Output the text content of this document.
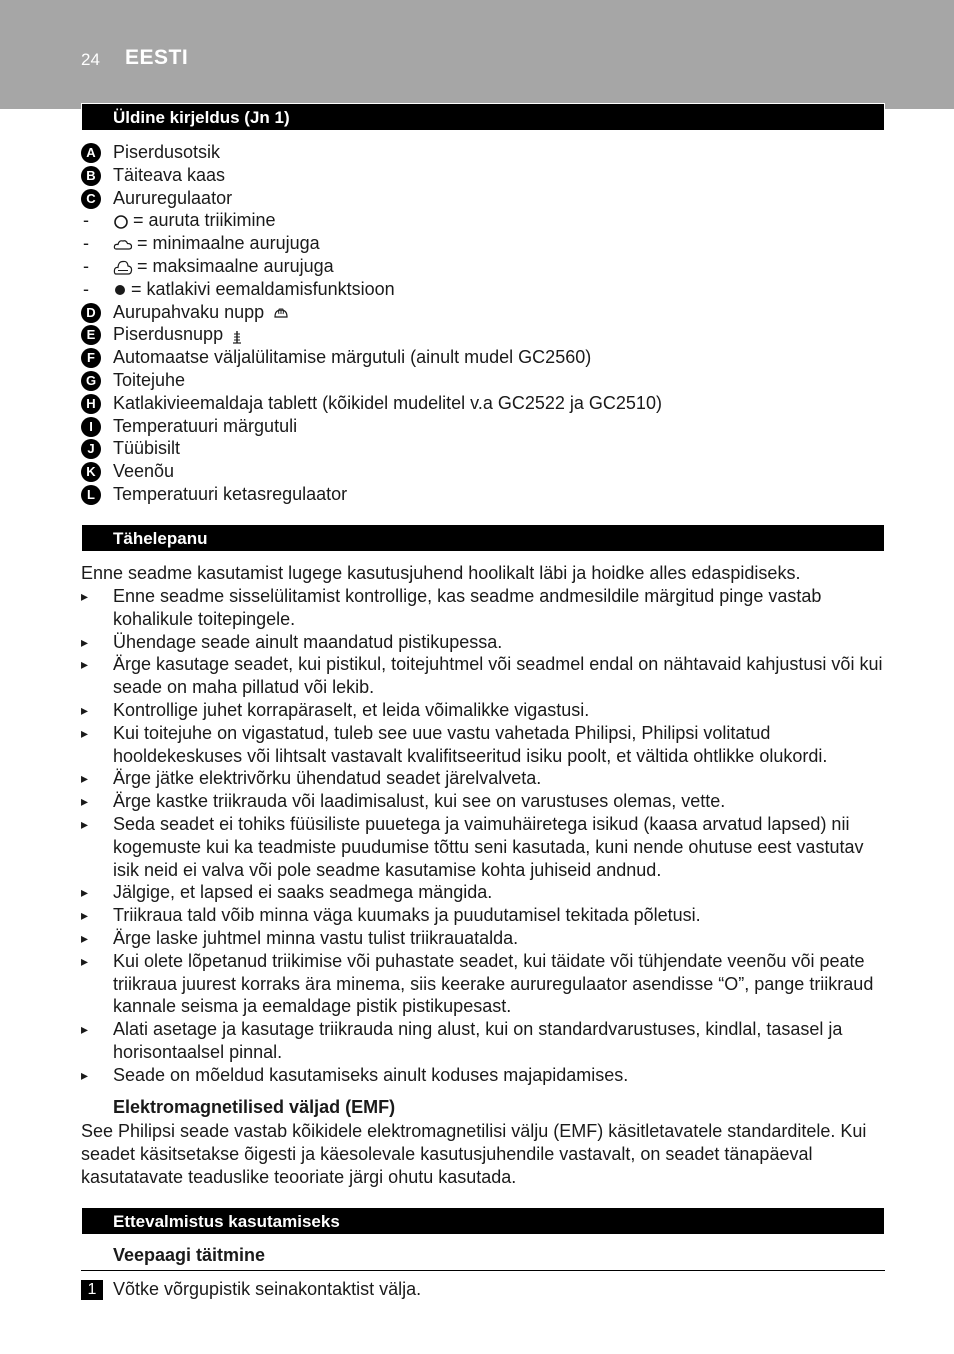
24 EESTI
Üldine kirjeldus (Jn 1)
A Piserdusotsik
B Täiteava kaas
C Aururegulaator
-	= auruta triikimine
-	= minimaalne aurujuga
-	= maksimaalne aurujuga
-	= katlakivi eemaldamisfunktsioon
D Aurupahvaku nupp
E Piserdusnupp
F	Automaatse väljalülitamise märgutuli (ainult mudel GC2560)
G Toitejuhe
H Katlakivieemaldaja tablett (kõikidel mudelitel v.a GC2522 ja GC2510)
I	Temperatuuri märgutuli
J	Tüübisilt
K Veenõu
L	Temperatuuri ketasregulaator
Tähelepanu
Enne seadme kasutamist lugege kasutusjuhend hoolikalt läbi ja hoidke alles edaspidiseks.
▸ Enne seadme sisselülitamist kontrollige, kas seadme andmesildile märgitud pinge vastab kohalikule toitepingele.
▸ Ühendage seade ainult maandatud pistikupessa.
▸ Ärge kasutage seadet, kui pistikul, toitejuhtmel või seadmel endal on nähtavaid kahjustusi või kui seade on maha pillatud või lekib.
▸ Kontrollige juhet korrapäraselt, et leida võimalikke vigastusi.
▸ Kui toitejuhe on vigastatud, tuleb see uue vastu vahetada Philipsi, Philipsi volitatud hooldekeskuses või lihtsalt vastavalt kvalifitseeritud isiku poolt, et vältida ohtlikke olukordi.
▸ Ärge jätke elektrivõrku ühendatud seadet järelvalveta.
▸ Ärge kastke triikrauda või laadimisalust, kui see on varustuses olemas, vette.
▸ Seda seadet ei tohiks füüsiliste puuetega ja vaimuhäiretega isikud (kaasa arvatud lapsed) nii kogemuste kui ka teadmiste puudumise tõttu seni kasutada, kuni nende ohutuse eest vastutav isik neid ei valva või pole seadme kasutamise kohta juhiseid andnud.
▸ Jälgige, et lapsed ei saaks seadmega mängida.
▸ Triikraua tald võib minna väga kuumaks ja puudutamisel tekitada põletusi.
▸ Ärge laske juhtmel minna vastu tulist triikrauatalda.
▸ Kui olete lõpetanud triikimise või puhastate seadet, kui täidate või tühjendate veenõu või peate triikraua juurest korraks ära minema, siis keerake aururegulaator asendisse “O”, pange triikraud kannale seisma ja eemaldage pistik pistikupesast.
▸ Alati asetage ja kasutage triikrauda ning alust, kui on standardvarustuses, kindlal, tasasel ja horisontaalsel pinnal.
▸ Seade on mõeldud kasutamiseks ainult koduses majapidamises.
Elektromagnetilised väljad (EMF)
See Philipsi seade vastab kõikidele elektromagnetilisi välju (EMF) käsitletavatele standarditele. Kui seadet käsitsetakse õigesti ja käesolevale kasutusjuhendile vastavalt, on seadet tänapäeval kasutatavate teaduslike teooriate järgi ohutu kasutada.
Ettevalmistus kasutamiseks
Veepaagi täitmine
1 Võtke võrgupistik seinakontaktist välja.
